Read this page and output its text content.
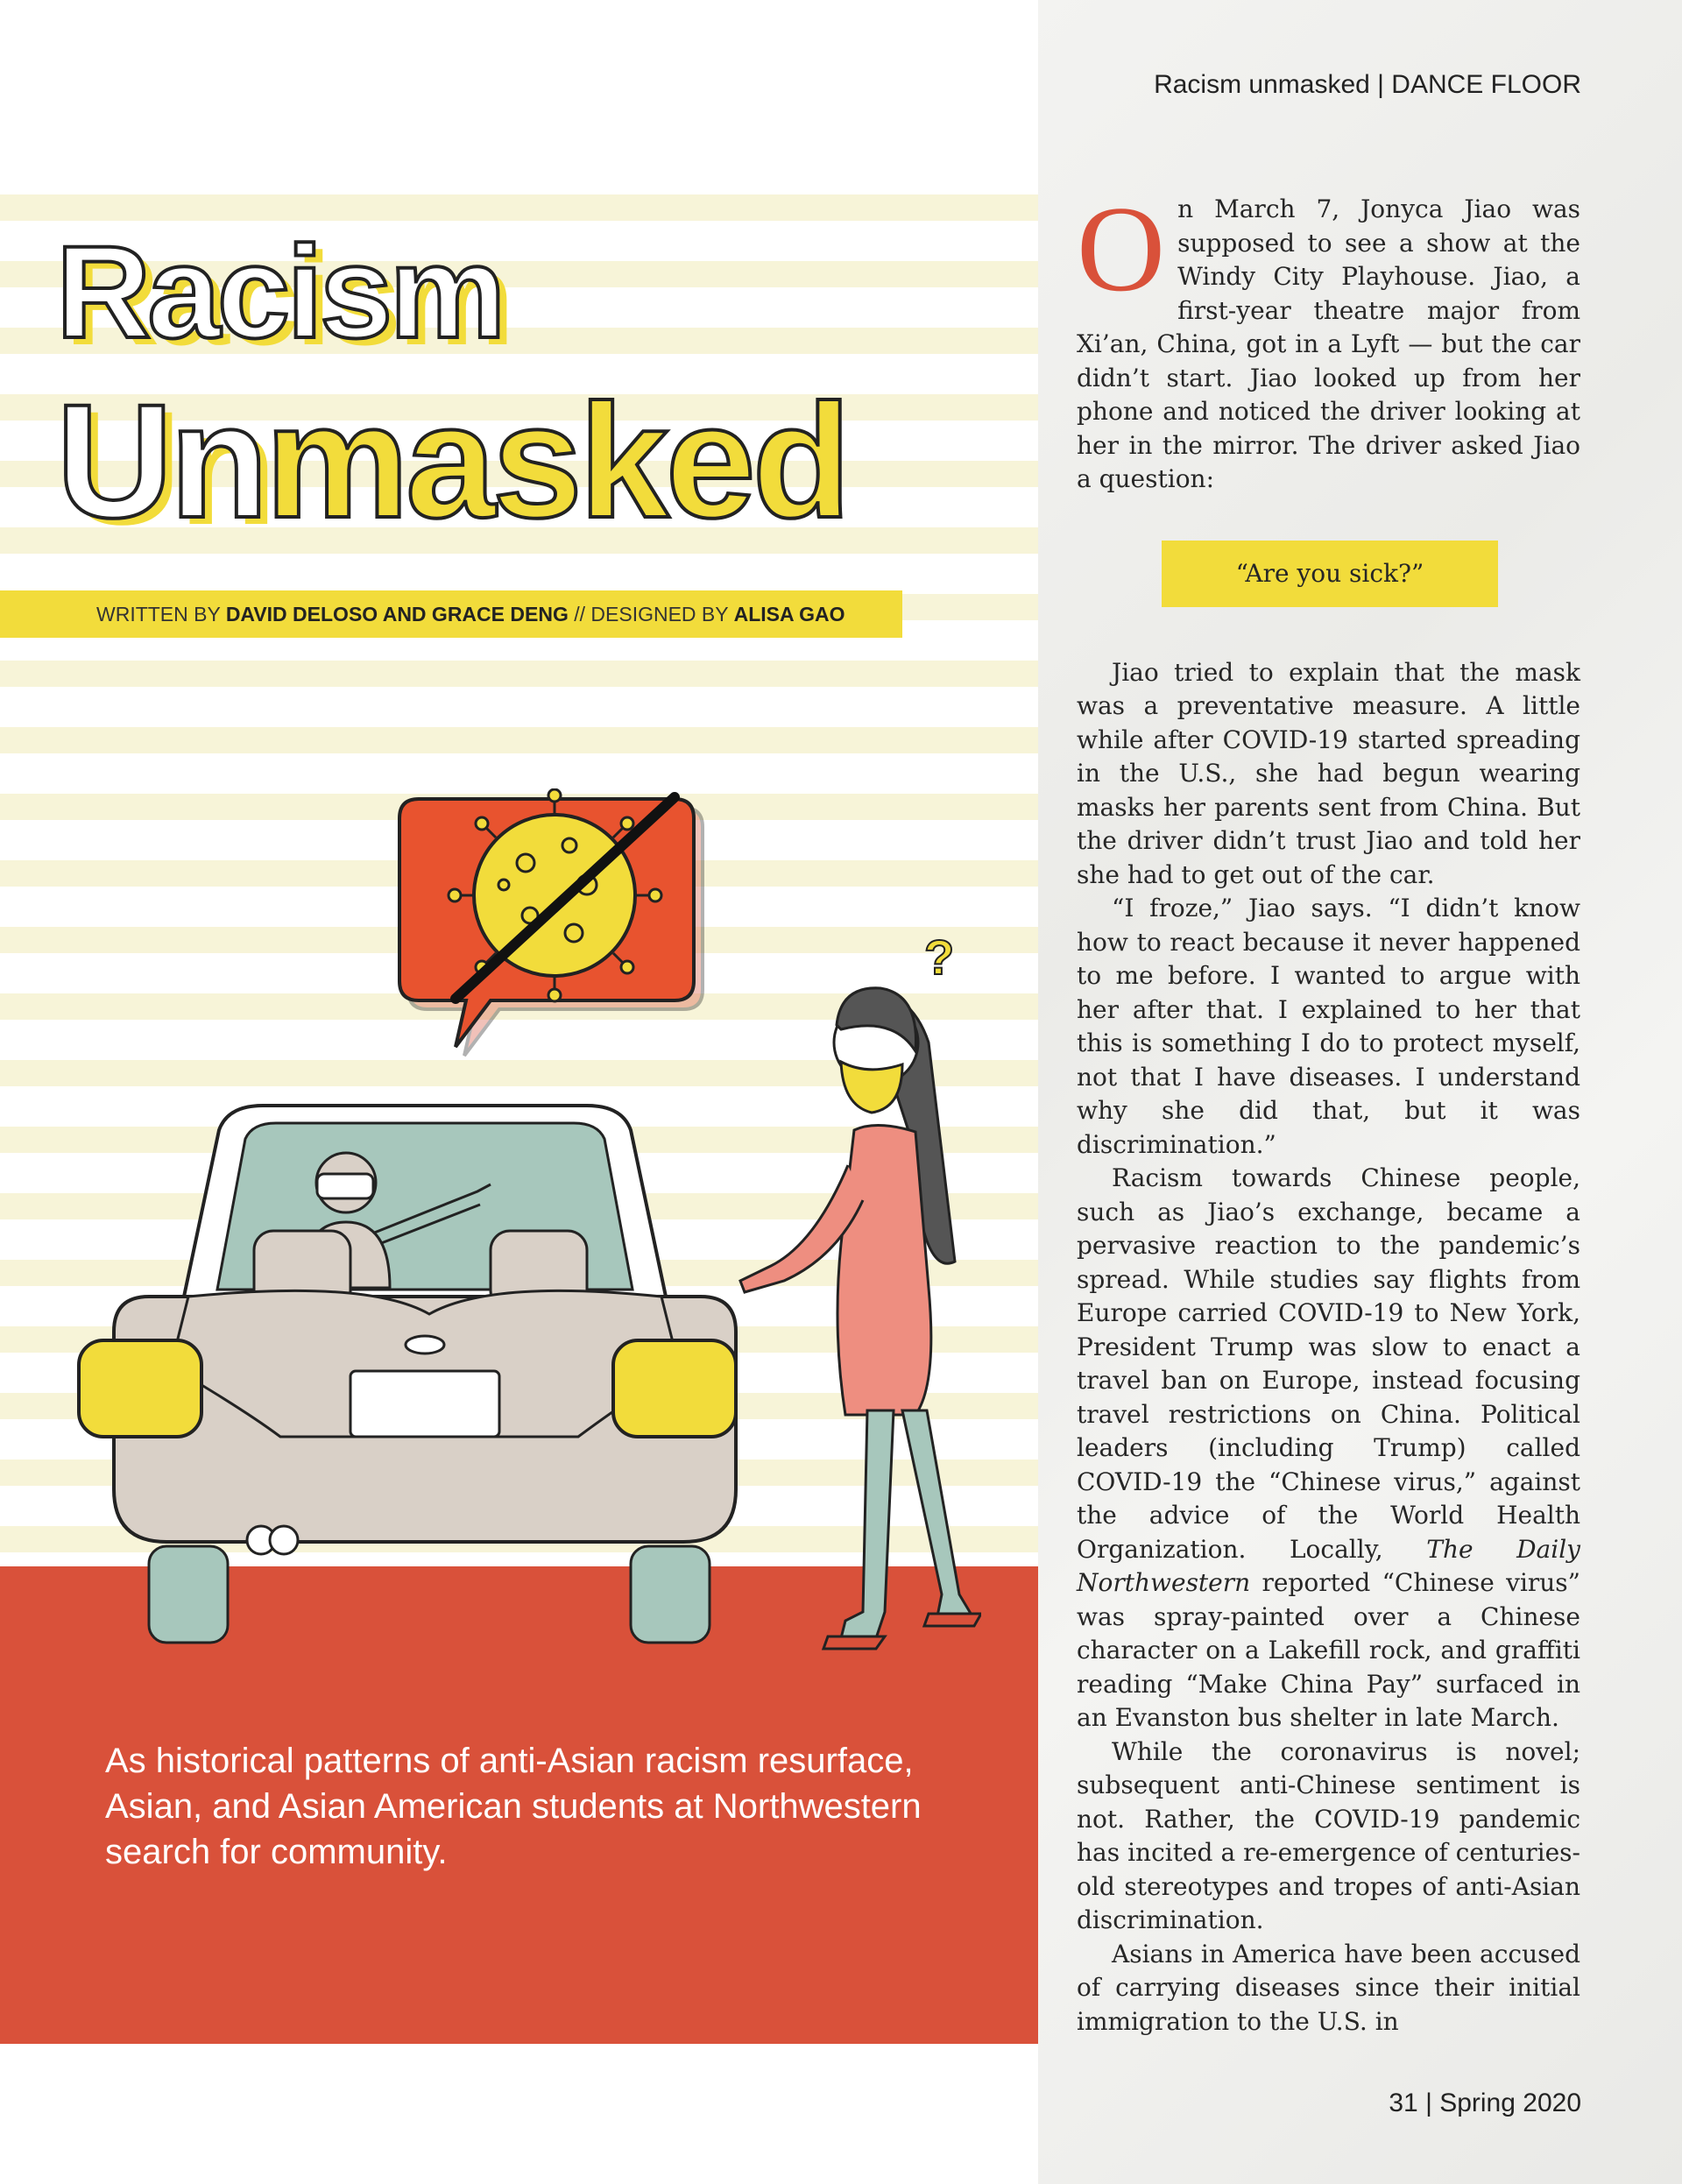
Racism
Unmasked
WRITTEN BY DAVID DELOSO AND GRACE DENG // DESIGNED BY ALISA GAO
?

As historical patterns of anti-Asian racism resurface, Asian, and Asian American students at Northwestern search for community.

Racism unmasked | DANCE FLOOR

On March 7, Jonyca Jiao was supposed to see a show at the Windy City Playhouse. Jiao, a first-year theatre major from Xi’an, China, got in a Lyft — but the car didn’t start. Jiao looked up from her phone and noticed the driver looking at her in the mirror. The driver asked Jiao a question:

“Are you sick?”

Jiao tried to explain that the mask was a preventative measure. A little while after COVID-19 started spreading in the U.S., she had begun wearing masks her parents sent from China. But the driver didn’t trust Jiao and told her she had to get out of the car.

“I froze,” Jiao says. “I didn’t know how to react because it never happened to me before. I wanted to argue with her after that. I explained to her that this is something I do to protect myself, not that I have diseases. I understand why she did that, but it was discrimination.”

Racism towards Chinese people, such as Jiao’s exchange, became a pervasive reaction to the pandemic’s spread. While studies say flights from Europe carried COVID-19 to New York, President Trump was slow to enact a travel ban on Europe, instead focusing travel restrictions on China. Political leaders (including Trump) called COVID-19 the “Chinese virus,” against the advice of the World Health Organization. Locally, The Daily Northwestern reported “Chinese virus” was spray-painted over a Chinese character on a Lakefill rock, and graffiti reading “Make China Pay” surfaced in an Evanston bus shelter in late March.

While the coronavirus is novel; subsequent anti-Chinese sentiment is not. Rather, the COVID-19 pandemic has incited a re-emergence of centuries-old stereotypes and tropes of anti-Asian discrimination.

Asians in America have been accused of carrying diseases since their initial immigration to the U.S. in

31 | Spring 2020
